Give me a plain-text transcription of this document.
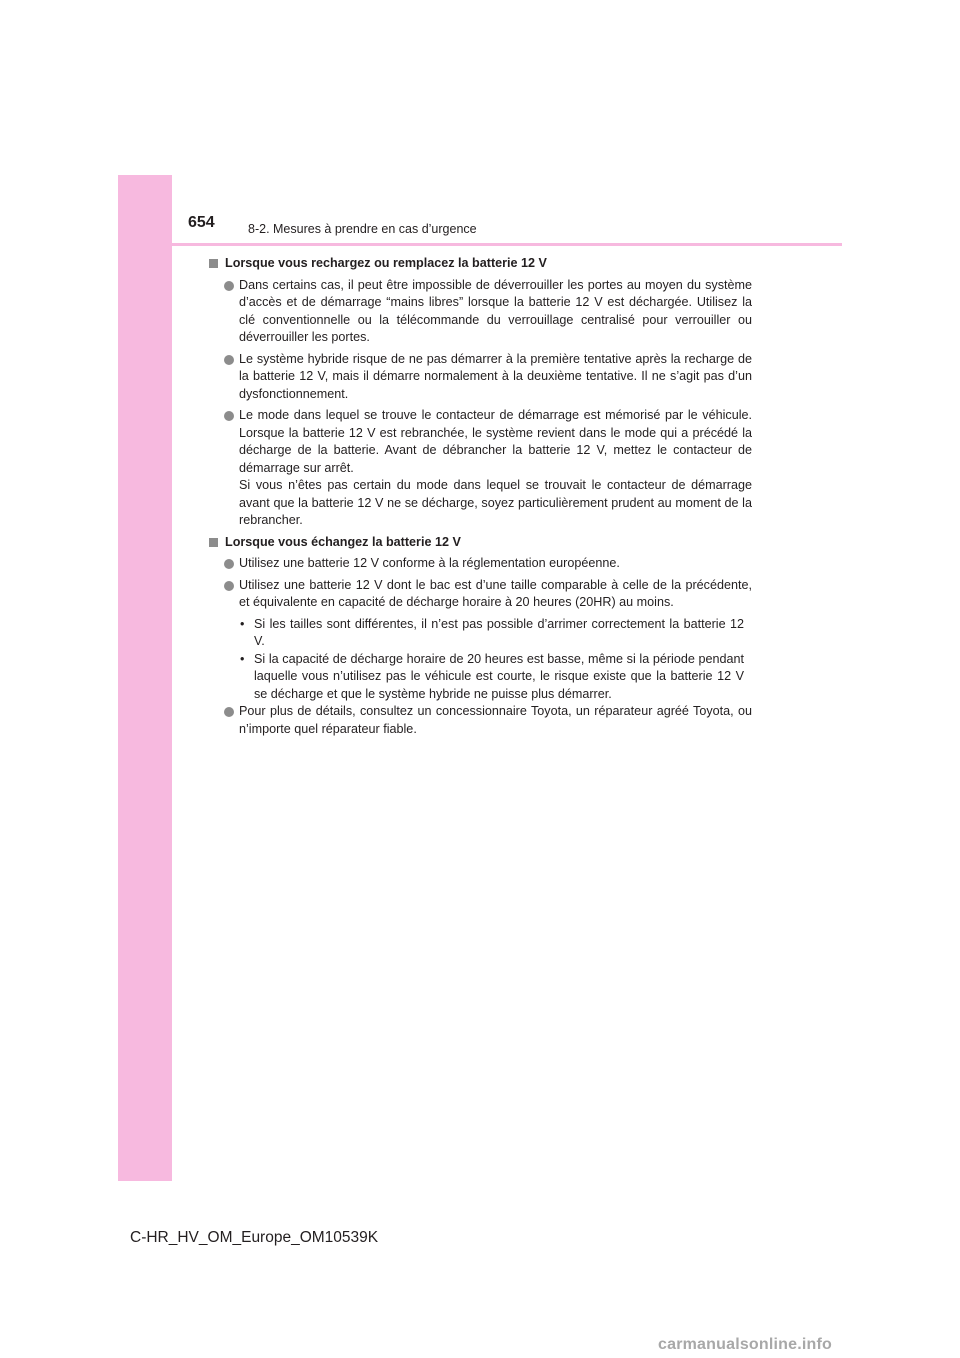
654	8-2. Mesures à prendre en cas d’urgence
Lorsque vous rechargez ou remplacez la batterie 12 V

Dans certains cas, il peut être impossible de déverrouiller les portes au moyen du système d’accès et de démarrage “mains libres” lorsque la batterie 12 V est déchargée. Utilisez la clé conventionnelle ou la télécommande du verrouillage centralisé pour verrouiller ou déverrouiller les portes.

Le système hybride risque de ne pas démarrer à la première tentative après la recharge de la batterie 12 V, mais il démarre normalement à la deuxième tentative. Il ne s’agit pas d’un dysfonctionnement.

Le mode dans lequel se trouve le contacteur de démarrage est mémorisé par le véhicule. Lorsque la batterie 12 V est rebranchée, le système revient dans le mode qui a précédé la décharge de la batterie. Avant de débrancher la batterie 12 V, mettez le contacteur de démarrage sur arrêt.

Si vous n’êtes pas certain du mode dans lequel se trouvait le contacteur de démarrage avant que la batterie 12 V ne se décharge, soyez particulièrement prudent au moment de la rebrancher.

Lorsque vous échangez la batterie 12 V

Utilisez une batterie 12 V conforme à la réglementation européenne.

Utilisez une batterie 12 V dont le bac est d’une taille comparable à celle de la précédente, et équivalente en capacité de décharge horaire à 20 heures (20HR) au moins.

• Si les tailles sont différentes, il n’est pas possible d’arrimer correctement la batterie 12 V.
• Si la capacité de décharge horaire de 20 heures est basse, même si la période pendant laquelle vous n’utilisez pas le véhicule est courte, le risque existe que la batterie 12 V se décharge et que le système hybride ne puisse plus démarrer.

Pour plus de détails, consultez un concessionnaire Toyota, un réparateur agréé Toyota, ou n’importe quel réparateur fiable.

C-HR_HV_OM_Europe_OM10539K
carmanualsonline.info
